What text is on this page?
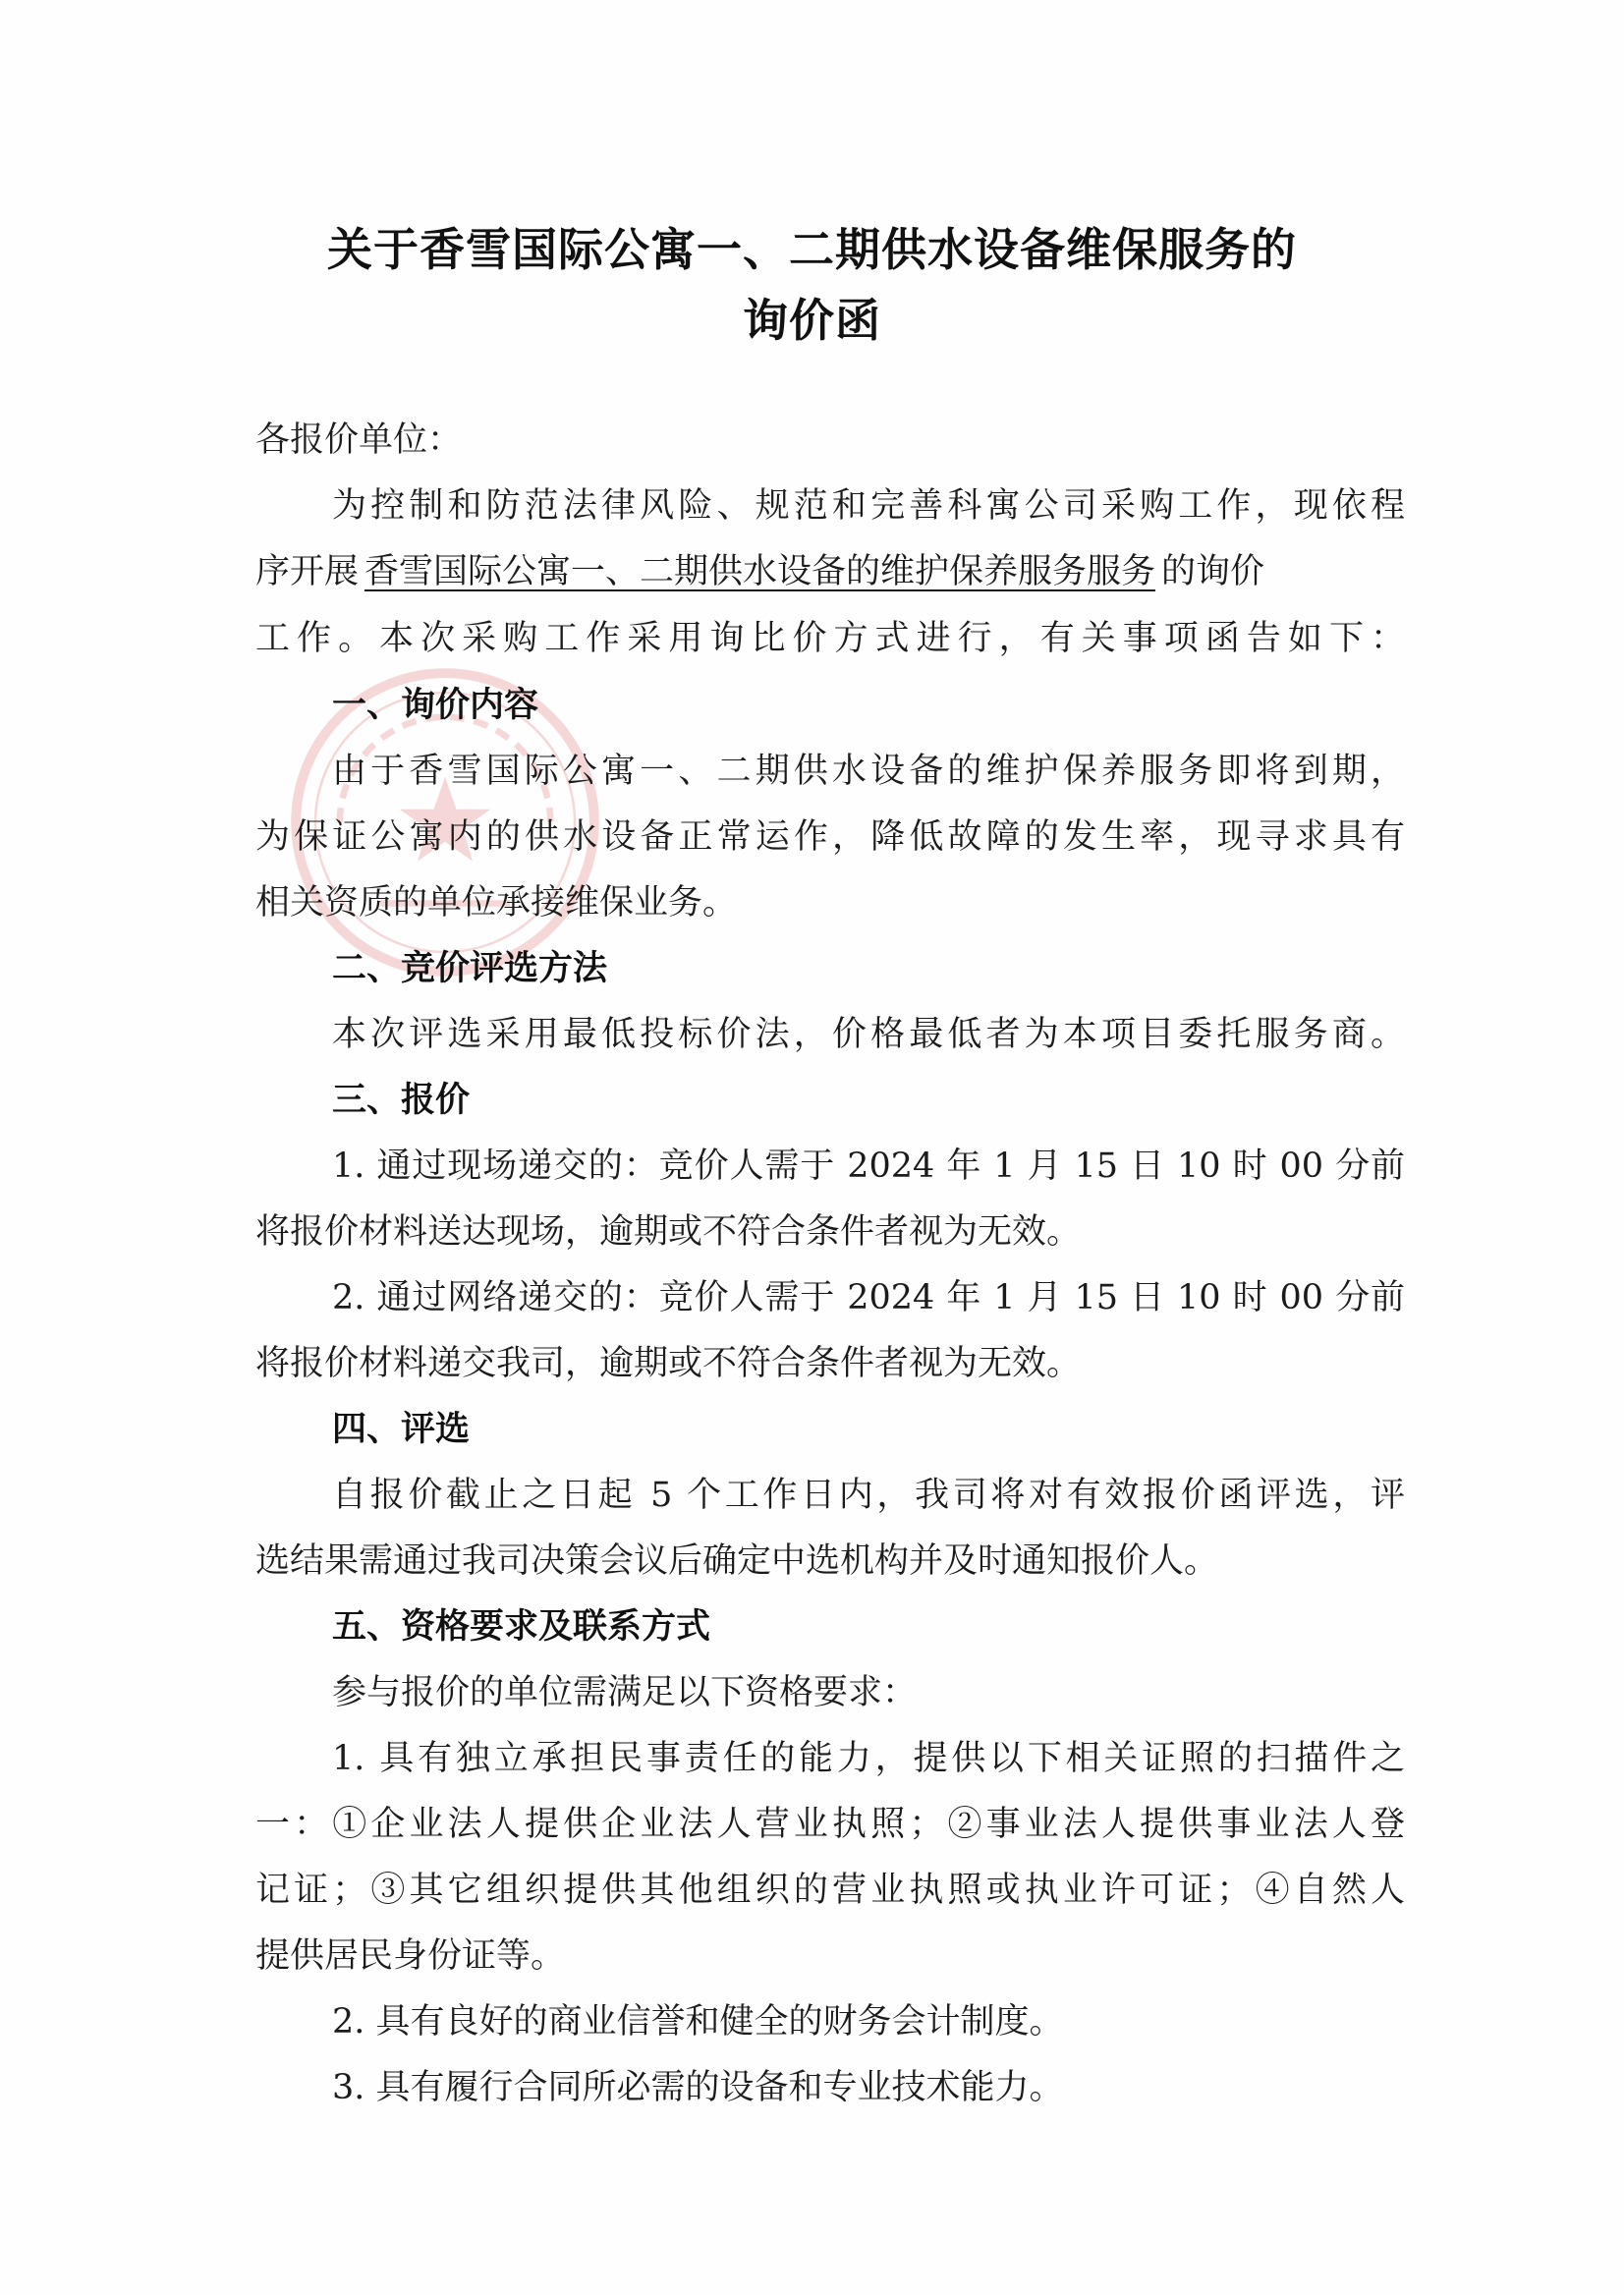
关于香雪国际公寓一、二期供水设备维保服务的
询价函
各报价单位：
为控制和防范法律风险、规范和完善科寓公司采购工作，现依程
序开展 香雪国际公寓一、二期供水设备的维护保养服务服务 的询价
工作。本次采购工作采用询比价方式进行，有关事项函告如下：
一、询价内容
由于香雪国际公寓一、二期供水设备的维护保养服务即将到期，
为保证公寓内的供水设备正常运作，降低故障的发生率，现寻求具有
相关资质的单位承接维保业务。
二、竞价评选方法
本次评选采用最低投标价法，价格最低者为本项目委托服务商。
三、报价
1. 通过现场递交的：竞价人需于 2024 年 1 月 15 日 10 时 00 分前
将报价材料送达现场，逾期或不符合条件者视为无效。
2. 通过网络递交的：竞价人需于 2024 年 1 月 15 日 10 时 00 分前
将报价材料递交我司，逾期或不符合条件者视为无效。
四、评选
自报价截止之日起 5 个工作日内，我司将对有效报价函评选，评
选结果需通过我司决策会议后确定中选机构并及时通知报价人。
五、资格要求及联系方式
参与报价的单位需满足以下资格要求：
1. 具有独立承担民事责任的能力，提供以下相关证照的扫描件之
一：①企业法人提供企业法人营业执照；②事业法人提供事业法人登
记证；③其它组织提供其他组织的营业执照或执业许可证；④自然人
提供居民身份证等。
2. 具有良好的商业信誉和健全的财务会计制度。
3. 具有履行合同所必需的设备和专业技术能力。
